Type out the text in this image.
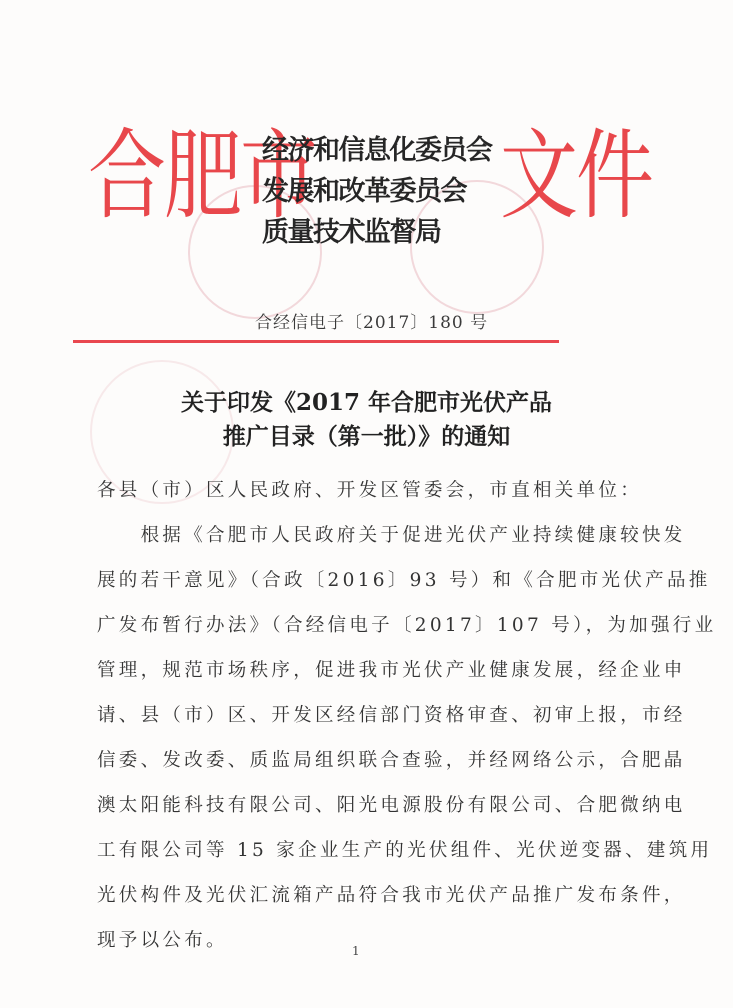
合肥市
经济和信息化委员会
发展和改革委员会
质量技术监督局 文件
合经信电子〔2017〕180 号
关于印发《2017 年合肥市光伏产品
推广目录（第一批）》的通知
各县（市）区人民政府、开发区管委会，市直相关单位：
　　根据《合肥市人民政府关于促进光伏产业持续健康较快发
展的若干意见》（合政〔2016〕93 号）和《合肥市光伏产品推
广发布暂行办法》（合经信电子〔2017〕107 号），为加强行业
管理，规范市场秩序，促进我市光伏产业健康发展，经企业申
请、县（市）区、开发区经信部门资格审查、初审上报，市经
信委、发改委、质监局组织联合查验，并经网络公示，合肥晶
澳太阳能科技有限公司、阳光电源股份有限公司、合肥微纳电
工有限公司等 15 家企业生产的光伏组件、光伏逆变器、建筑用
光伏构件及光伏汇流箱产品符合我市光伏产品推广发布条件，
现予以公布。	1
